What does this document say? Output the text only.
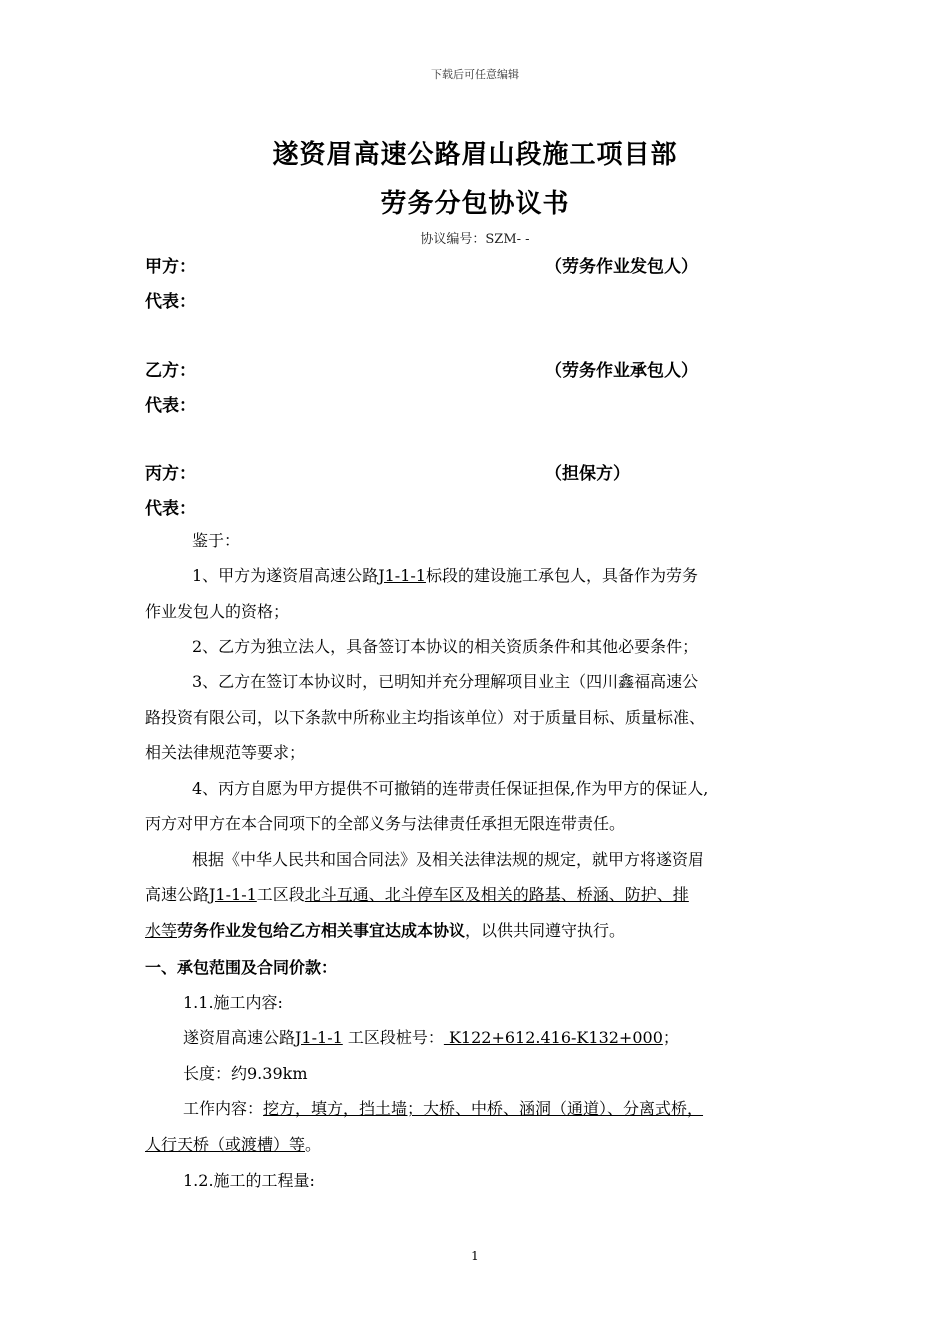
下载后可任意编辑
遂资眉高速公路眉山段施工项目部
劳务分包协议书
协议编号：SZM- -
甲方：	（劳务作业发包人）
代表：
乙方：	（劳务作业承包人）
代表：
丙方：	（担保方）
代表：
鉴于：
1、甲方为遂资眉高速公路J1-1-1标段的建设施工承包人，具备作为劳务
作业发包人的资格；
2、乙方为独立法人，具备签订本协议的相关资质条件和其他必要条件；
3、乙方在签订本协议时，已明知并充分理解项目业主（四川鑫福高速公
路投资有限公司，以下条款中所称业主均指该单位）对于质量目标、质量标准、
相关法律规范等要求；
4、丙方自愿为甲方提供不可撤销的连带责任保证担保,作为甲方的保证人,
丙方对甲方在本合同项下的全部义务与法律责任承担无限连带责任。
根据《中华人民共和国合同法》及相关法律法规的规定，就甲方将遂资眉
高速公路J1-1-1工区段北斗互通、北斗停车区及相关的路基、桥涵、防护、排
水等劳务作业发包给乙方相关事宜达成本协议，以供共同遵守执行。
一、承包范围及合同价款：
1.1.施工内容:
遂资眉高速公路J1-1-1 工区段桩号： K122+612.416-K132+000；
长度：约9.39km
工作内容：挖方，填方，挡土墙；大桥、中桥、涵洞（通道）、分离式桥，
人行天桥（或渡槽）等。
1.2.施工的工程量:
1
